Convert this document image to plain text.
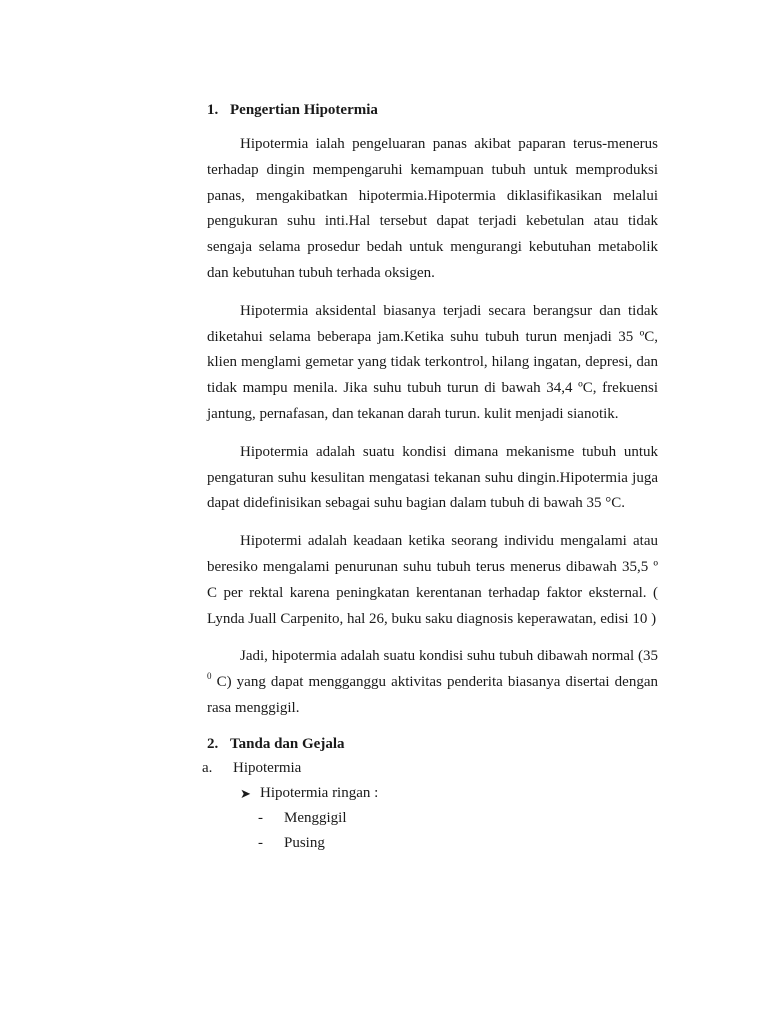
1. Pengertian Hipotermia

Hipotermia ialah pengeluaran panas akibat paparan terus-menerus terhadap dingin mempengaruhi kemampuan tubuh untuk memproduksi panas, mengakibatkan hipotermia.Hipotermia diklasifikasikan melalui pengukuran suhu inti.Hal tersebut dapat terjadi kebetulan atau tidak sengaja selama prosedur bedah untuk mengurangi kebutuhan metabolik dan kebutuhan tubuh terhada oksigen.

Hipotermia aksidental biasanya terjadi secara berangsur dan tidak diketahui selama beberapa jam.Ketika suhu tubuh turun menjadi 35 ºC, klien menglami gemetar yang tidak terkontrol, hilang ingatan, depresi, dan tidak mampu menila. Jika suhu tubuh turun di bawah 34,4 ºC, frekuensi jantung, pernafasan, dan tekanan darah turun. kulit menjadi sianotik.

Hipotermia adalah suatu kondisi dimana mekanisme tubuh untuk pengaturan suhu kesulitan mengatasi tekanan suhu dingin.Hipotermia juga dapat didefinisikan sebagai suhu bagian dalam tubuh di bawah 35 °C.

Hipotermi adalah keadaan ketika seorang individu mengalami atau beresiko mengalami penurunan suhu tubuh terus menerus dibawah 35,5 º C per rektal karena peningkatan kerentanan terhadap faktor eksternal. ( Lynda Juall Carpenito, hal 26, buku saku diagnosis keperawatan, edisi 10 )

Jadi, hipotermia adalah suatu kondisi suhu tubuh dibawah normal (35 $^0$ C) yang dapat mengganggu aktivitas penderita biasanya disertai dengan rasa menggigil.

2. Tanda dan Gejala
a.	Hipotermia
➤ Hipotermia ringan :
-	Menggigil
-	Pusing
